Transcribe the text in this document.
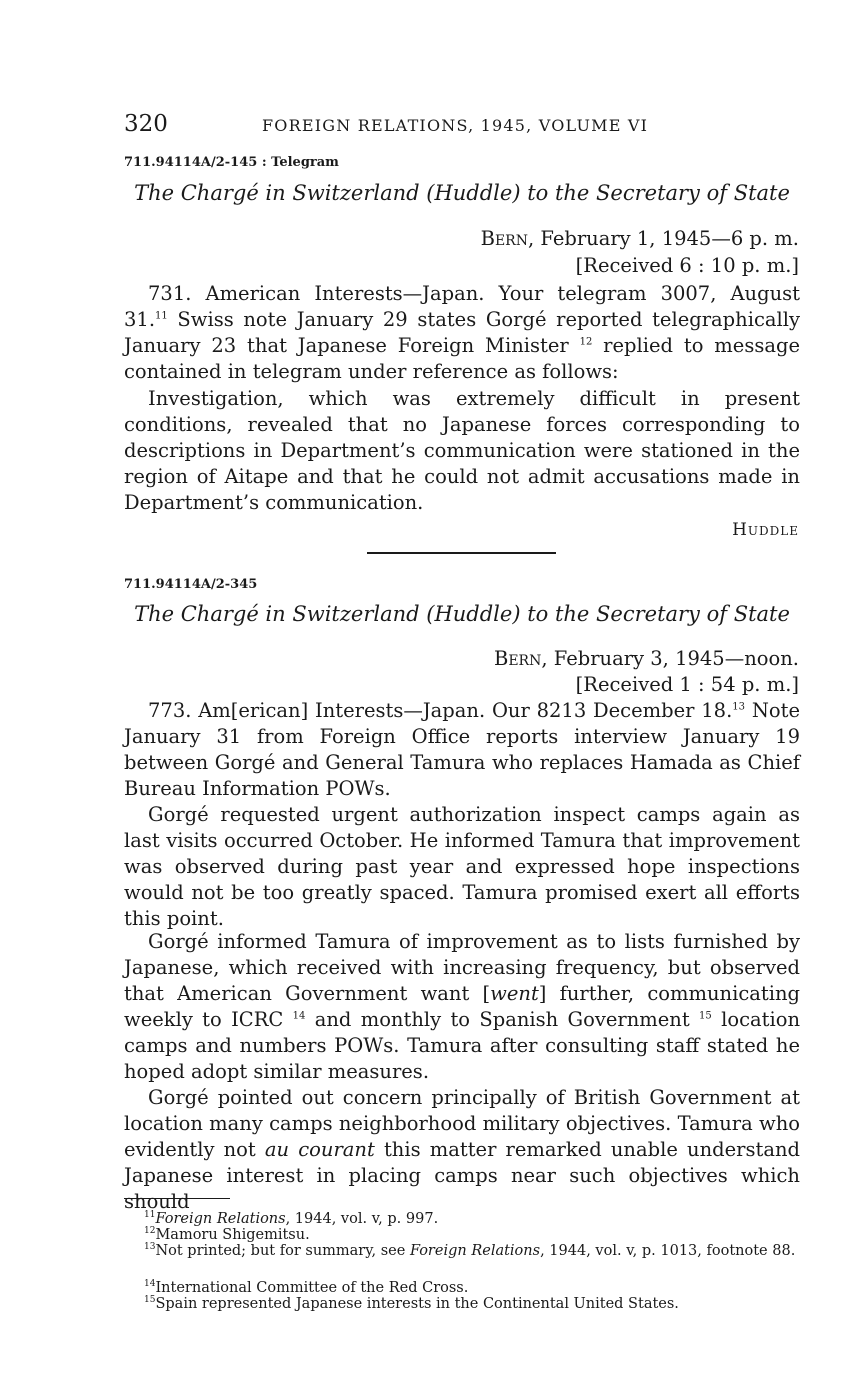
320	FOREIGN RELATIONS, 1945, VOLUME VI
711.94114A/2-145 : Telegram
The Chargé in Switzerland (Huddle) to the Secretary of State
Bern, February 1, 1945—6 p. m.
[Received 6 : 10 p. m.]
731. American Interests—Japan. Your telegram 3007, August 31.11 Swiss note January 29 states Gorgé reported telegraphically January 23 that Japanese Foreign Minister $^{12}$ replied to message contained in telegram under reference as follows:
Investigation, which was extremely difficult in present conditions, revealed that no Japanese forces corresponding to descriptions in Department’s communication were stationed in the region of Aitape and that he could not admit accusations made in Department’s communication.
Huddle
711.94114A/2-345
The Chargé in Switzerland (Huddle) to the Secretary of State
Bern, February 3, 1945—noon.
[Received 1 : 54 p. m.]
773. Am[erican] Interests—Japan. Our 8213 December 18.13 Note January 31 from Foreign Office reports interview January 19 between Gorgé and General Tamura who replaces Hamada as Chief Bureau Information POWs.
Gorgé requested urgent authorization inspect camps again as last visits occurred October. He informed Tamura that improvement was observed during past year and expressed hope inspections would not be too greatly spaced. Tamura promised exert all efforts this point.
Gorgé informed Tamura of improvement as to lists furnished by Japanese, which received with increasing frequency, but observed that American Government want [went] further, communicating weekly to ICRC $^{14}$ and monthly to Spanish Government $^{15}$ location camps and numbers POWs. Tamura after consulting staff stated he hoped adopt similar measures.
Gorgé pointed out concern principally of British Government at location many camps neighborhood military objectives. Tamura who evidently not au courant this matter remarked unable understand Japanese interest in placing camps near such objectives which should
$^{11}$Foreign Relations, 1944, vol. v, p. 997.
$^{12}$Mamoru Shigemitsu.
$^{13}$Not printed; but for summary, see Foreign Relations, 1944, vol. v, p. 1013, footnote 88.
$^{14}$International Committee of the Red Cross.
$^{15}$Spain represented Japanese interests in the Continental United States.
